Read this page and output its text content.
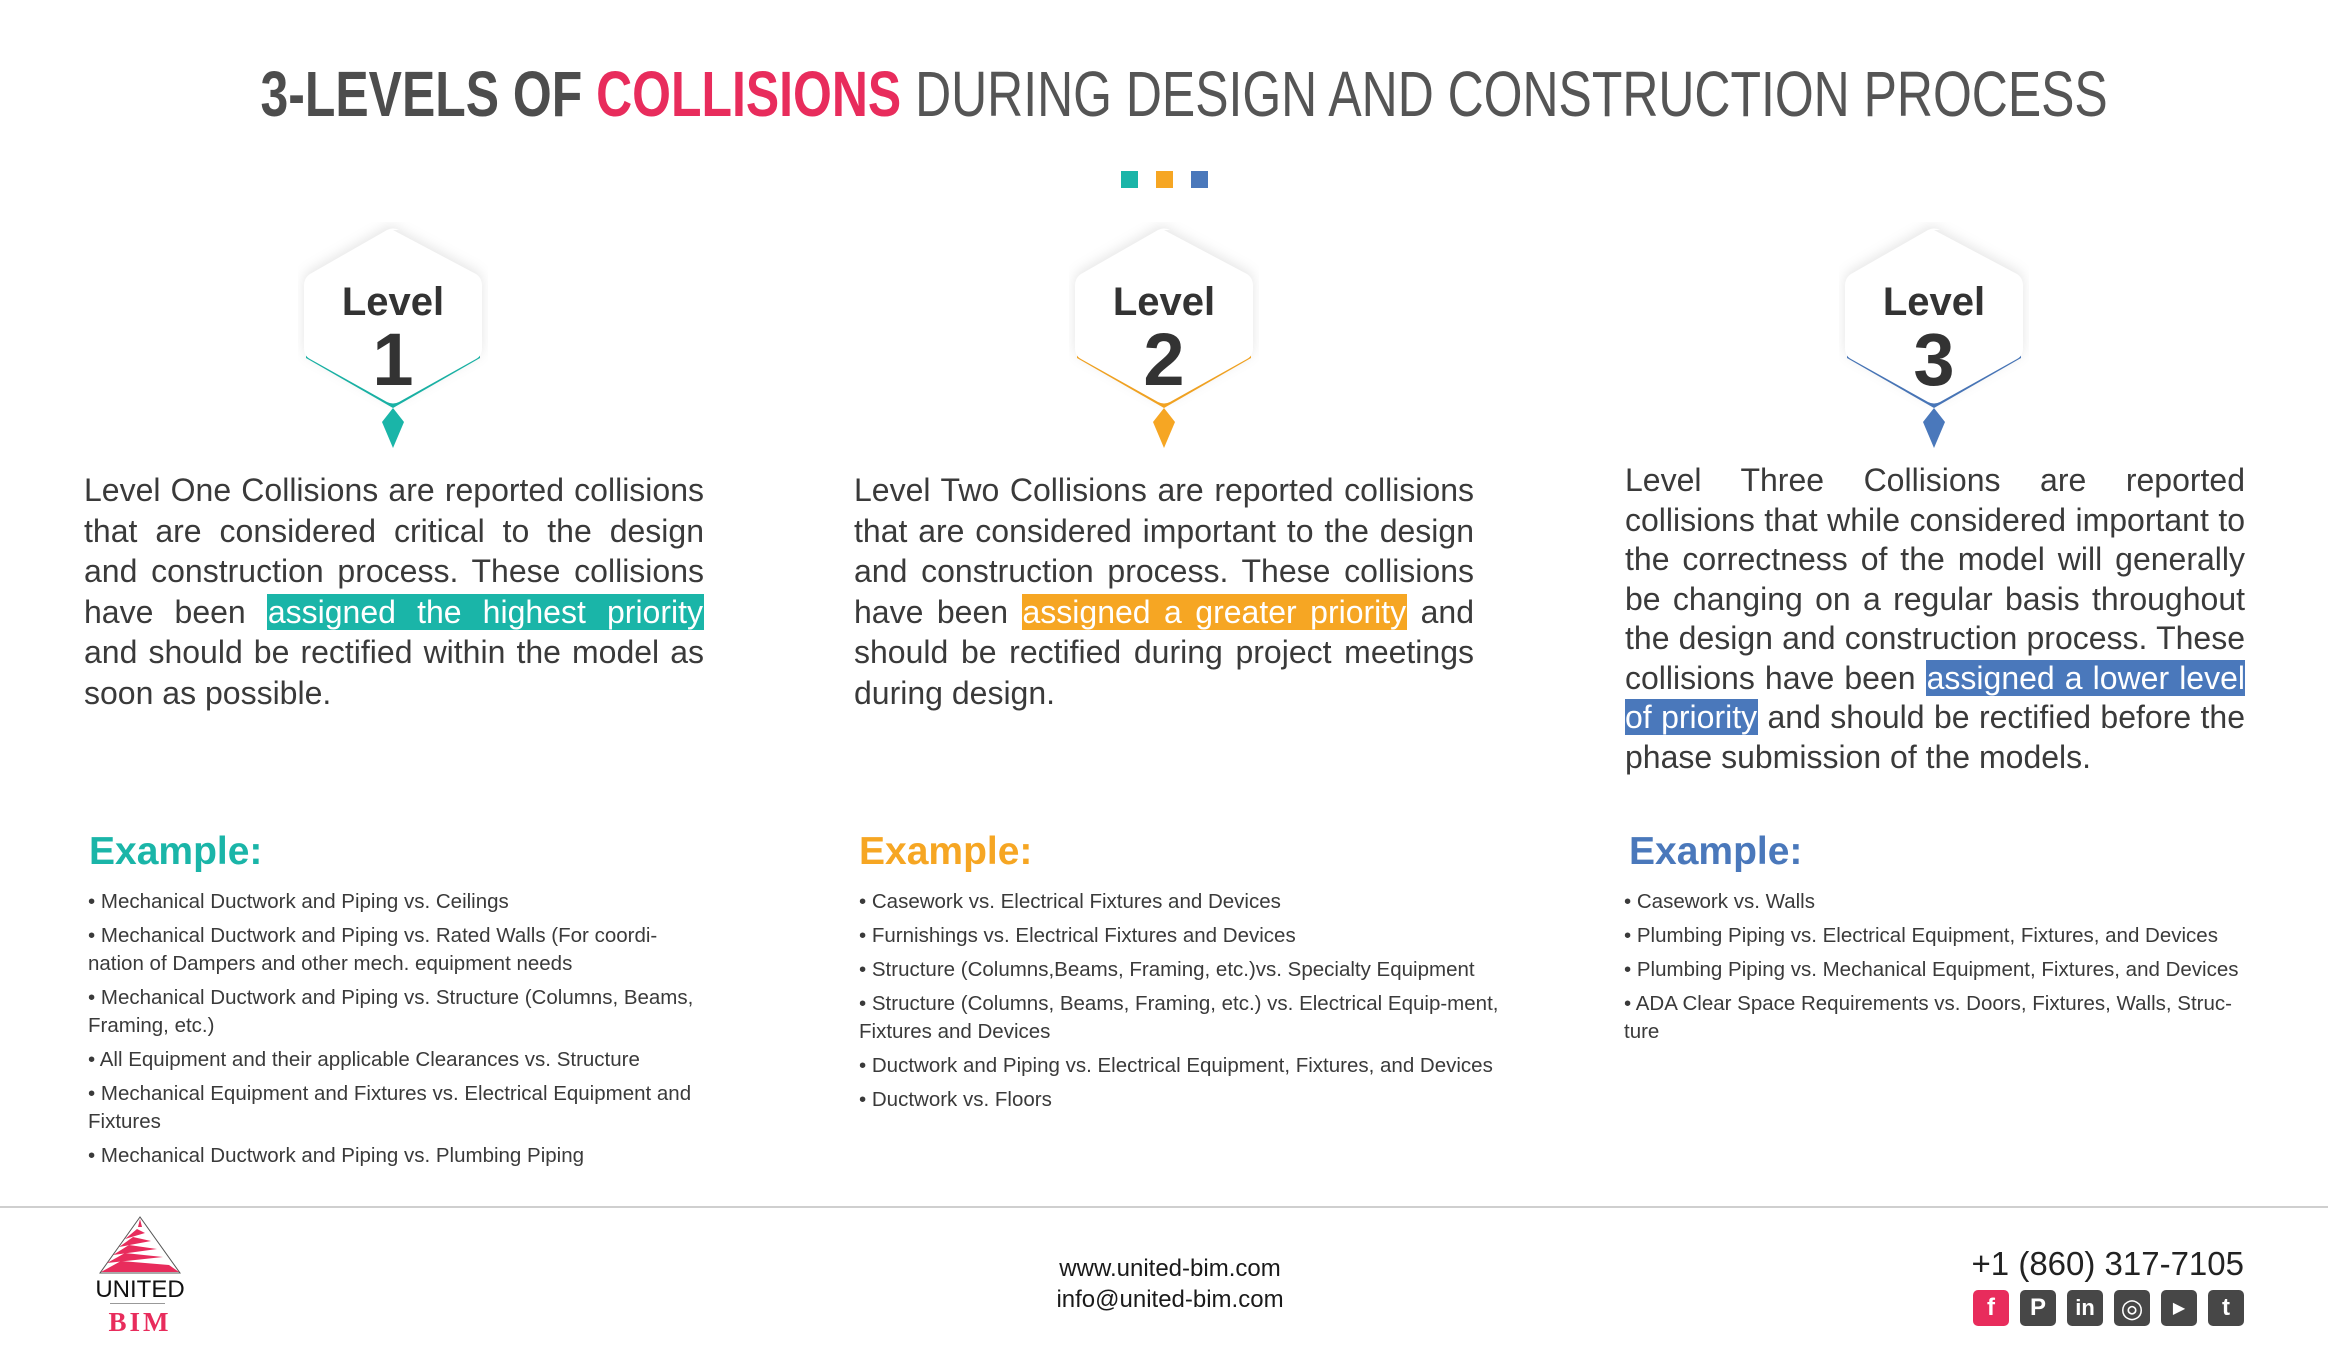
3-LEVELS OF COLLISIONS DURING DESIGN AND CONSTRUCTION PROCESS
Level
1
Level
2
Level
3
Level One Collisions are reported collisions that are considered critical to the design and construction process. These collisions have been assigned the highest priority and should be rectified within the model as soon as possible.
Level Two Collisions are reported collisions that are considered important to the design and construction process. These collisions have been assigned a greater priority and should be rectified during project meetings during design.
Level Three Collisions are reported collisions that while considered important to the correctness of the model will generally be changing on a regular basis throughout the design and construction process. These collisions have been assigned a lower level of priority and should be rectified before the phase submission of the models.
Example:	Example:	Example:
• Mechanical Ductwork and Piping vs. Ceilings
• Mechanical Ductwork and Piping vs. Rated Walls (For coordi-nation of Dampers and other mech. equipment needs
• Mechanical Ductwork and Piping vs. Structure (Columns, Beams, Framing, etc.)
• All Equipment and their applicable Clearances vs. Structure
• Mechanical Equipment and Fixtures vs. Electrical Equipment and Fixtures
• Mechanical Ductwork and Piping vs. Plumbing Piping
• Casework vs. Electrical Fixtures and Devices
• Furnishings vs. Electrical Fixtures and Devices
• Structure (Columns,Beams, Framing, etc.)vs. Specialty Equipment
• Structure (Columns, Beams, Framing, etc.) vs. Electrical Equip-ment, Fixtures and Devices
• Ductwork and Piping vs. Electrical Equipment, Fixtures, and Devices
• Ductwork vs. Floors
• Casework vs. Walls
• Plumbing Piping vs. Electrical Equipment, Fixtures, and Devices
• Plumbing Piping vs. Mechanical Equipment, Fixtures, and Devices
• ADA Clear Space Requirements vs. Doors, Fixtures, Walls, Struc-ture
UNITED
BIM
www.united-bim.com
info@united-bim.com
+1 (860) 317-7105
f P in ◎ ▶ t
